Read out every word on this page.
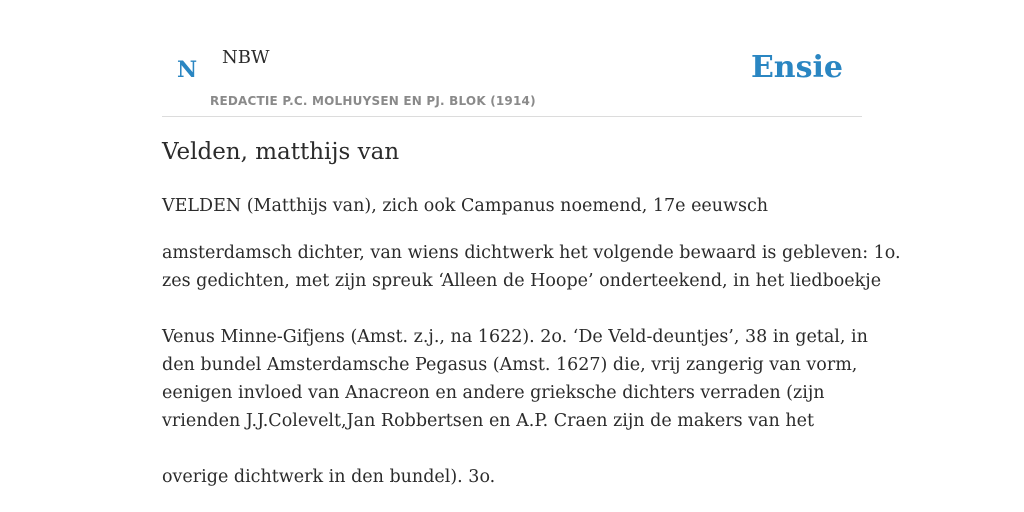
N NBW
REDACTIE P.C. MOLHUYSEN EN PJ. BLOK (1914)
Ensie
Velden, matthijs van

VELDEN (Matthijs van), zich ook Campanus noemend, 17e eeuwsch

amsterdamsch dichter, van wiens dichtwerk het volgende bewaard is gebleven: 1o.
zes gedichten, met zijn spreuk ‘Alleen de Hoope’ onderteekend, in het liedboekje

Venus Minne-Gifjens (Amst. z.j., na 1622). 2o. ‘De Veld-deuntjes’, 38 in getal, in
den bundel Amsterdamsche Pegasus (Amst. 1627) die, vrij zangerig van vorm,
eenigen invloed van Anacreon en andere grieksche dichters verraden (zijn
vrienden J.J.Colevelt,Jan Robbertsen en A.P. Craen zijn de makers van het

overige dichtwerk in den bundel). 3o.
